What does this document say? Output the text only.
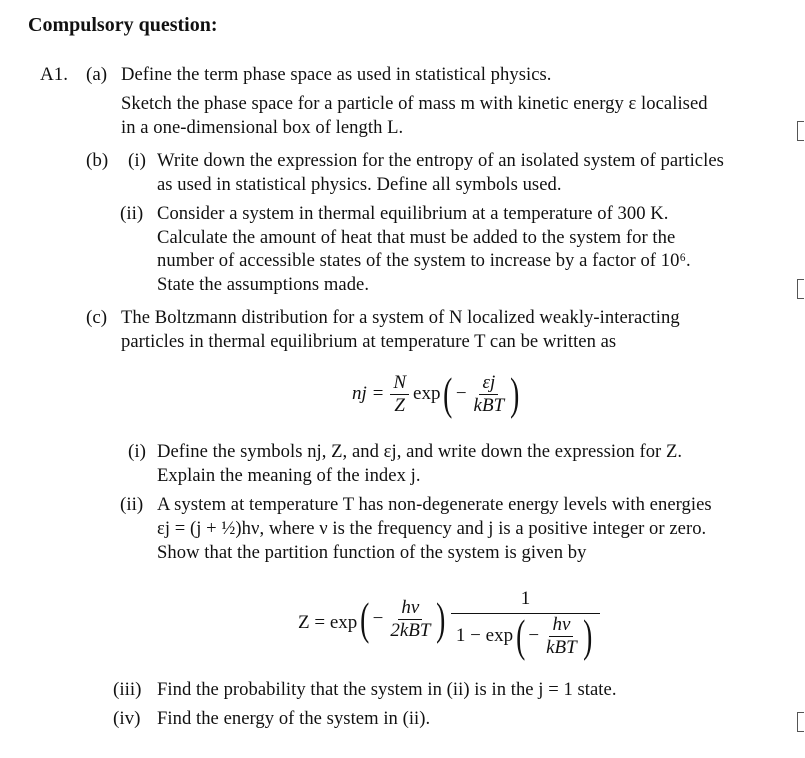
Compulsory question:
A1. (a) Define the term phase space as used in statistical physics.
Sketch the phase space for a particle of mass m with kinetic energy ε localised
in a one-dimensional box of length L.
(b) (i) Write down the expression for the entropy of an isolated system of particles
as used in statistical physics. Define all symbols used.
(ii) Consider a system in thermal equilibrium at a temperature of 300 K.
Calculate the amount of heat that must be added to the system for the
number of accessible states of the system to increase by a factor of 10⁶.
State the assumptions made.
(c) The Boltzmann distribution for a system of N localized weakly-interacting
particles in thermal equilibrium at temperature T can be written as
nj = $\frac{N}{Z}$ exp ( − $\frac{\varepsilon j}{\text{kBT}}$ )
(i) Define the symbols nj, Z, and εj, and write down the expression for Z.
Explain the meaning of the index j.
(ii) A system at temperature T has non-degenerate energy levels with energies
εj = (j + ½)hν, where ν is the frequency and j is a positive integer or zero.
Show that the partition function of the system is given by
Z = exp ( − $\frac{h\nu}{\text{2kBT}}$ )	1
1 − exp ( − $\frac{h\nu}{\text{kBT}}$ )
(iii) Find the probability that the system in (ii) is in the j = 1 state.
(iv) Find the energy of the system in (ii).
